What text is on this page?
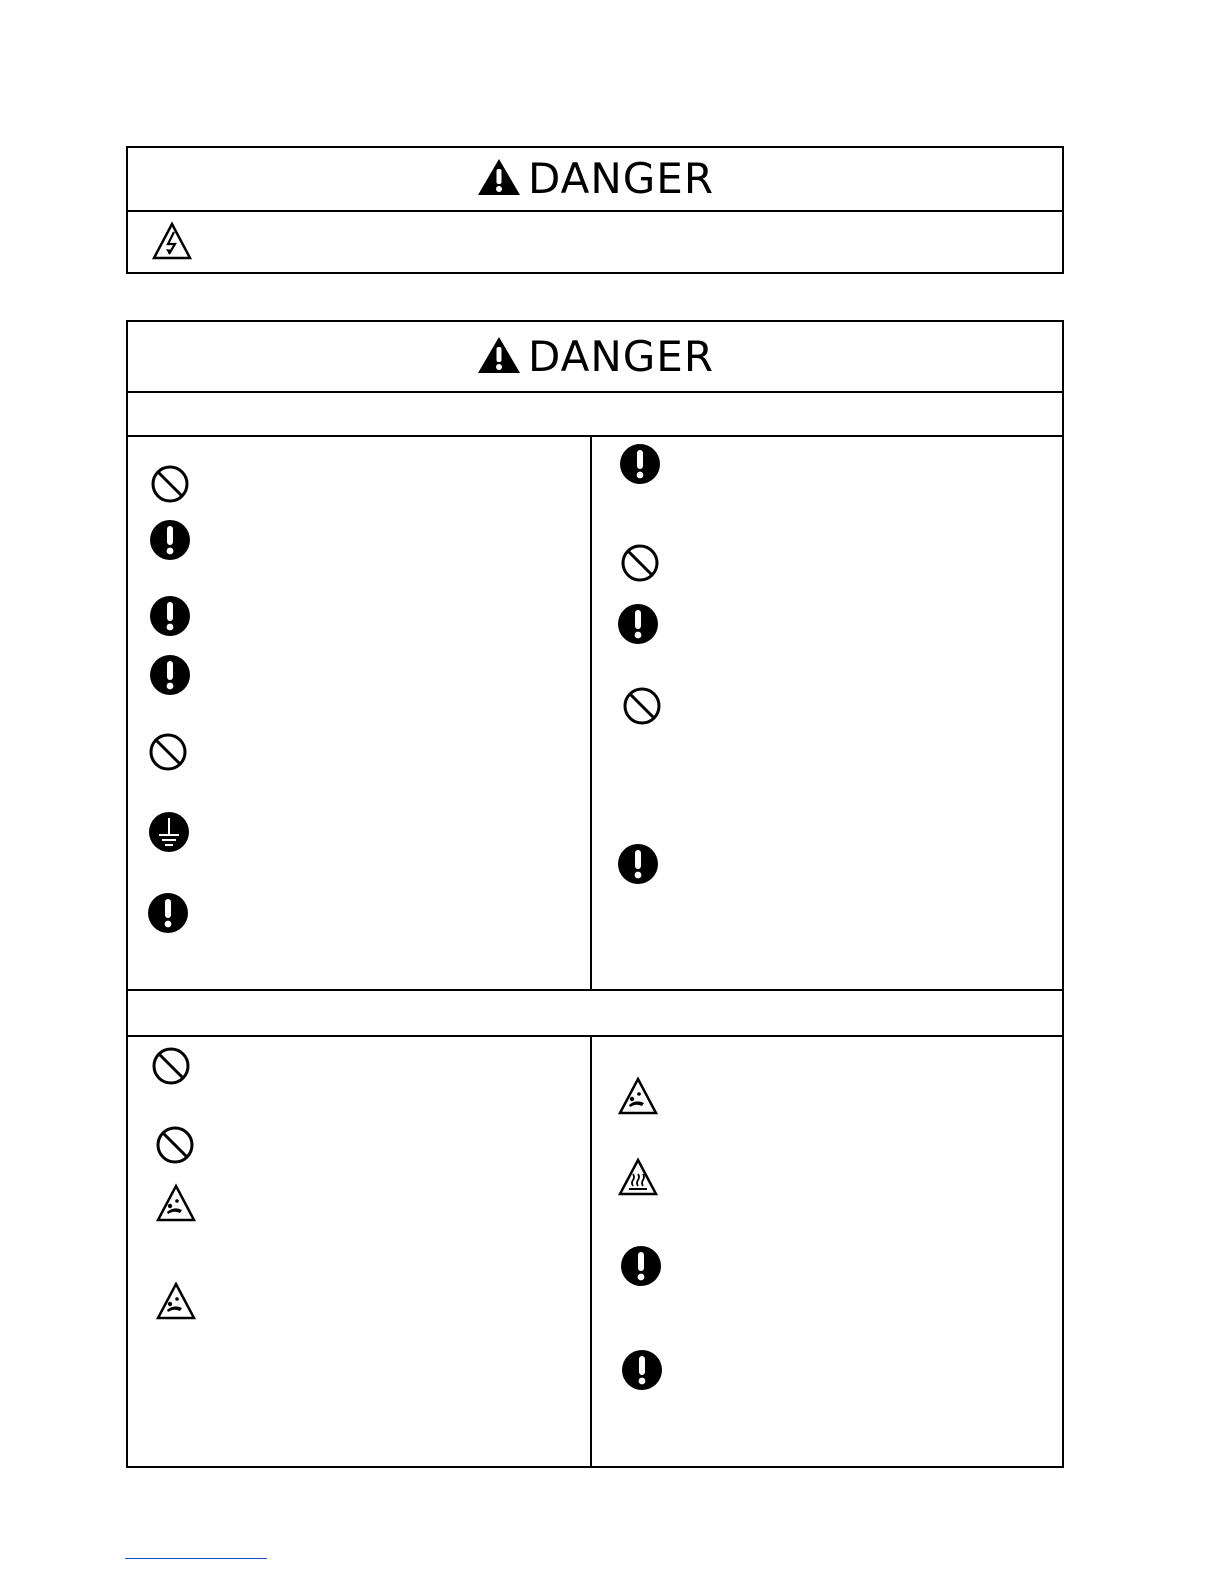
DANGER
DANGER
